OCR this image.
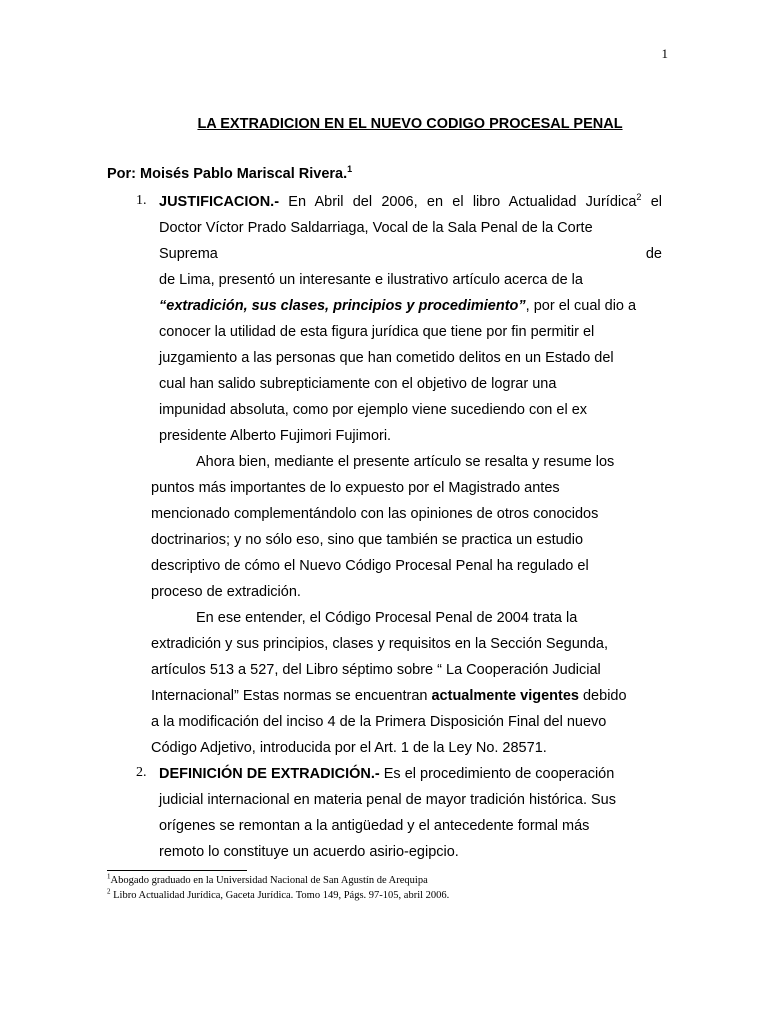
1
LA EXTRADICION EN EL NUEVO CODIGO PROCESAL PENAL
Por: Moisés Pablo Mariscal Rivera.$^1$
1. JUSTIFICACION.- En Abril del 2006, en el libro Actualidad Jurídica$^2$ el
Doctor Víctor Prado Saldarriaga, Vocal de la Sala Penal de la Corte
Suprema	de
de Lima, presentó un interesante e ilustrativo artículo acerca de la
“extradición, sus clases, principios y procedimiento”, por el cual dio a
conocer la utilidad de esta figura jurídica que tiene por fin permitir el
juzgamiento a las personas que han cometido delitos en un Estado del
cual han salido subrepticiamente con el objetivo de lograr una
impunidad absoluta, como por ejemplo viene sucediendo con el ex
presidente Alberto Fujimori Fujimori.
Ahora bien, mediante el presente artículo se resalta y resume los
puntos más importantes de lo expuesto por el Magistrado antes
mencionado complementándolo con las opiniones de otros conocidos
doctrinarios; y no sólo eso, sino que también se practica un estudio
descriptivo de cómo el Nuevo Código Procesal Penal ha regulado el
proceso de extradición.
En ese entender, el Código Procesal Penal de 2004 trata la
extradición y sus principios, clases y requisitos en la Sección Segunda,
artículos 513 a 527, del Libro séptimo sobre “ La Cooperación Judicial
Internacional” Estas normas se encuentran actualmente vigentes debido
a la modificación del inciso 4 de la Primera Disposición Final del nuevo
Código Adjetivo, introducida por el Art. 1 de la Ley No. 28571.
2. DEFINICIÓN DE EXTRADICIÓN.- Es el procedimiento de cooperación
judicial internacional en materia penal de mayor tradición histórica. Sus
orígenes se remontan a la antigüedad y el antecedente formal más
remoto lo constituye un acuerdo asirio-egipcio.
$^1$Abogado graduado en la Universidad Nacional de San Agustín de Arequipa
$^2$ Libro Actualidad Jurídica, Gaceta Jurídica. Tomo 149, Págs. 97-105, abril 2006.
